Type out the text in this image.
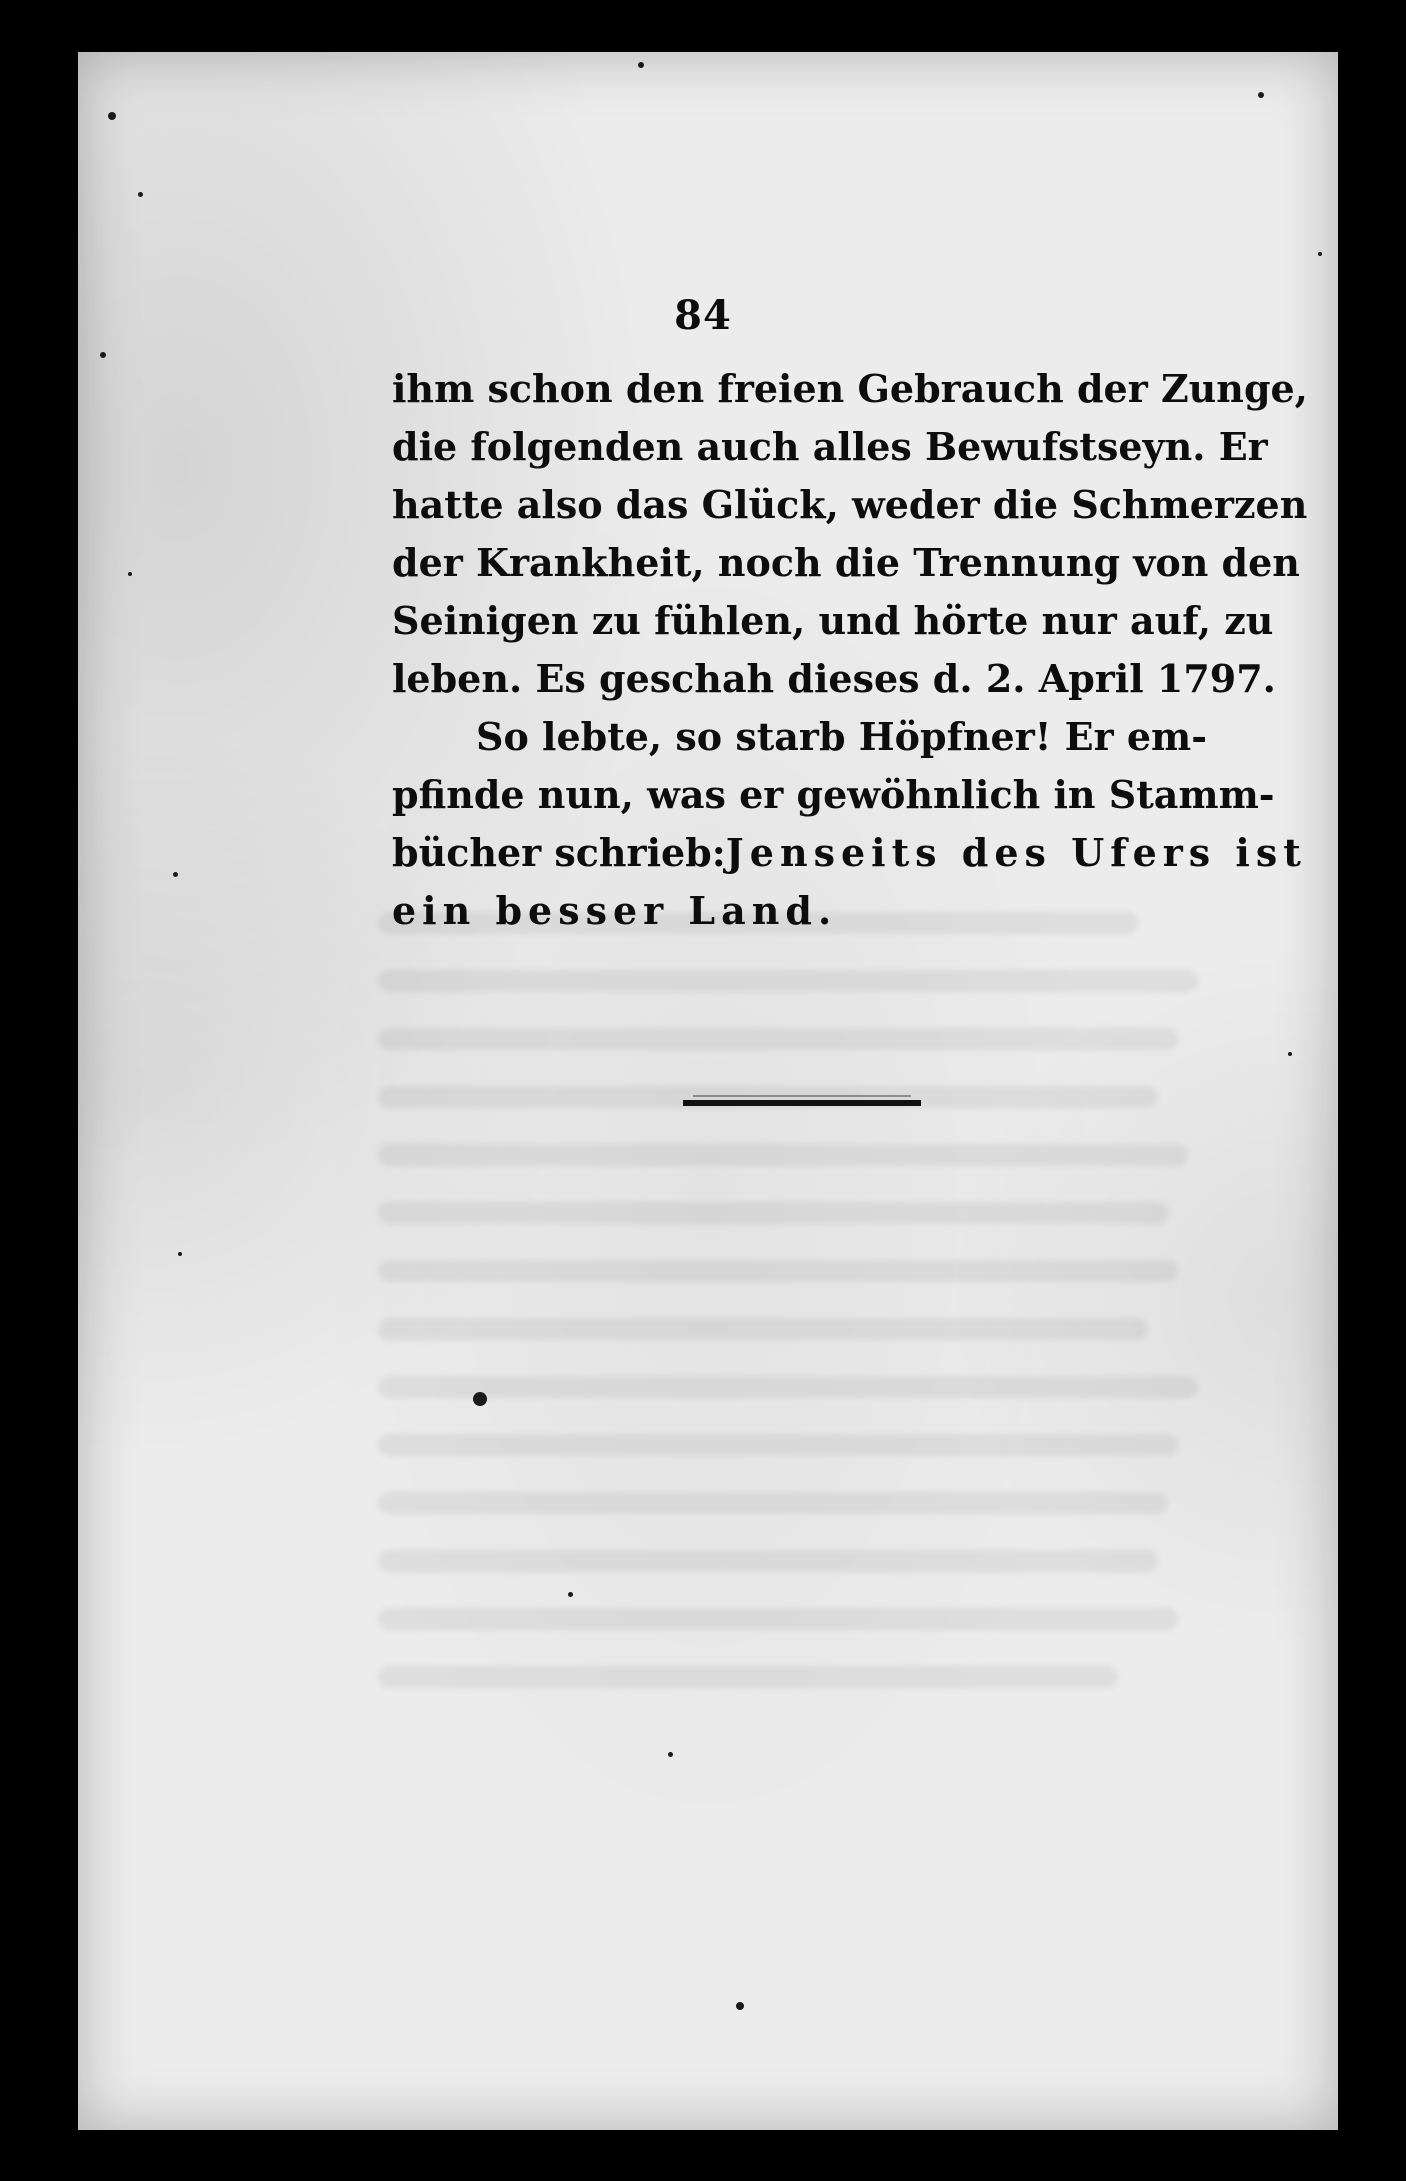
84
ihm schon den freien Gebrauch der Zunge,
die folgenden auch alles Bewufstseyn. Er
hatte also das Glück, weder die Schmerzen
der Krankheit, noch die Trennung von den
Seinigen zu fühlen, und hörte nur auf, zu
leben. Es geschah dieses d. 2. April 1797.
So lebte, so starb Höpfner! Er em-
pfinde nun, was er gewöhnlich in Stamm-
bücher schrieb: Jenseits des Ufers ist
ein besser Land.
